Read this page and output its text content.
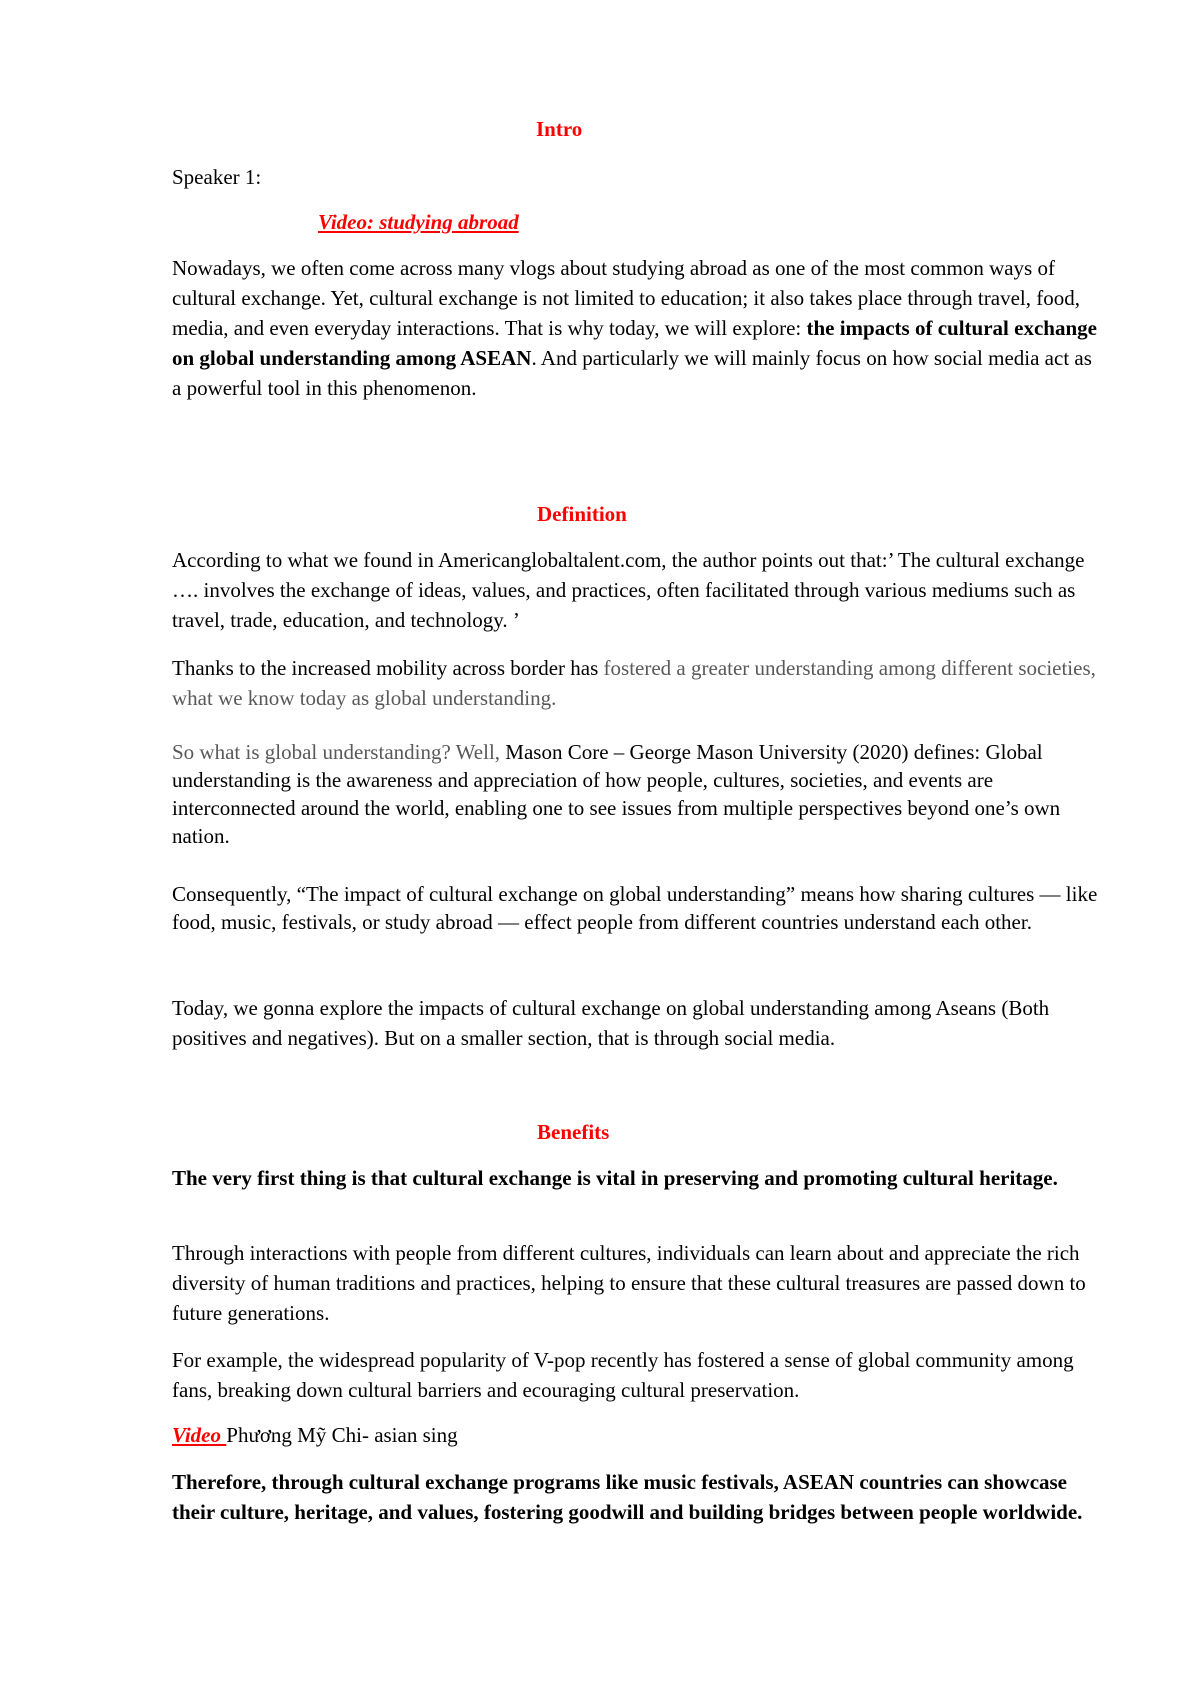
Intro

Speaker 1:

Video: studying abroad

Nowadays, we often come across many vlogs about studying abroad as one of the most common ways of cultural exchange. Yet, cultural exchange is not limited to education; it also takes place through travel, food, media, and even everyday interactions. That is why today, we will explore: the impacts of cultural exchange on global understanding among ASEAN. And particularly we will mainly focus on how social media act as a powerful tool in this phenomenon.

Definition

According to what we found in Americanglobaltalent.com, the author points out that:’ The cultural exchange …. involves the exchange of ideas, values, and practices, often facilitated through various mediums such as travel, trade, education, and technology. ’

Thanks to the increased mobility across border has fostered a greater understanding among different societies, what we know today as global understanding.

So what is global understanding? Well, Mason Core – George Mason University (2020) defines: Global understanding is the awareness and appreciation of how people, cultures, societies, and events are interconnected around the world, enabling one to see issues from multiple perspectives beyond one’s own nation.

Consequently, “The impact of cultural exchange on global understanding” means how sharing cultures — like food, music, festivals, or study abroad — effect people from different countries understand each other.

Today, we gonna explore the impacts of cultural exchange on global understanding among Aseans (Both positives and negatives). But on a smaller section, that is through social media.

Benefits

The very first thing is that cultural exchange is vital in preserving and promoting cultural heritage.

Through interactions with people from different cultures, individuals can learn about and appreciate the rich diversity of human traditions and practices, helping to ensure that these cultural treasures are passed down to future generations.

For example, the widespread popularity of V-pop recently has fostered a sense of global community among fans, breaking down cultural barriers and ecouraging cultural preservation.

Video Phương Mỹ Chi- asian sing

Therefore, through cultural exchange programs like music festivals, ASEAN countries can showcase their culture, heritage, and values, fostering goodwill and building bridges between people worldwide.
